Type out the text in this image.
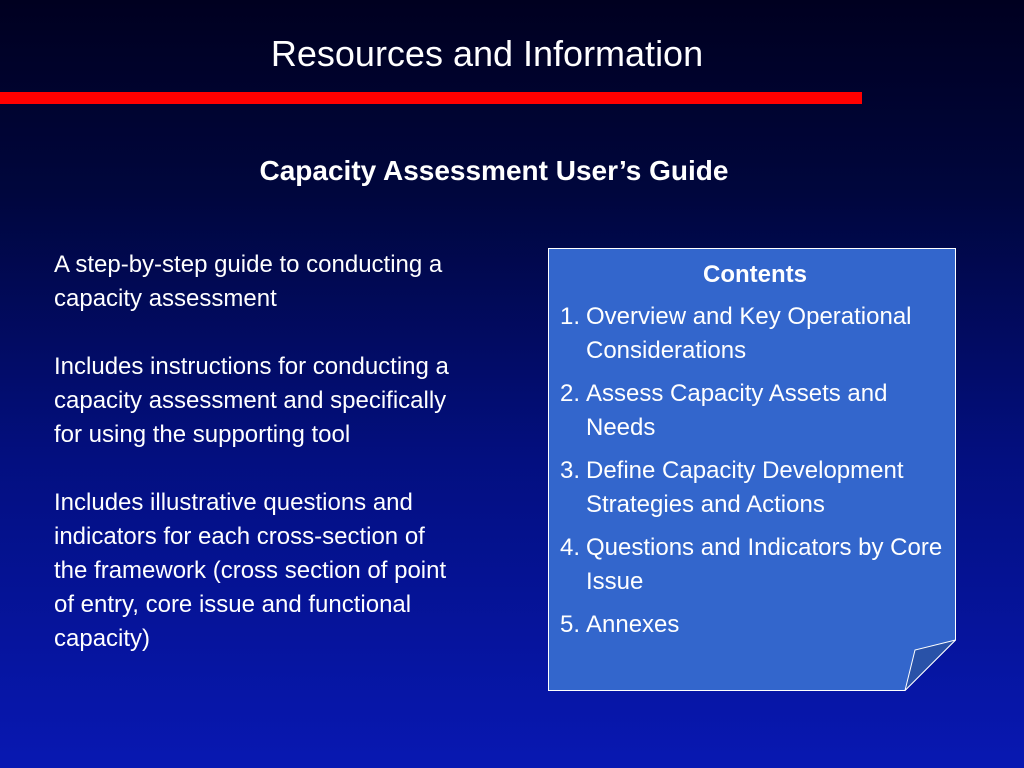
Resources and Information
Capacity Assessment User’s Guide

A step-by-step guide to conducting a capacity assessment

Includes instructions for conducting a capacity assessment and specifically for using the supporting tool

Includes illustrative questions and indicators for each cross-section of the framework (cross section of point of entry, core issue and functional capacity)

Contents
1. Overview and Key Operational Considerations
2. Assess Capacity Assets and Needs
3. Define Capacity Development Strategies and Actions
4. Questions and Indicators by Core Issue
5. Annexes
